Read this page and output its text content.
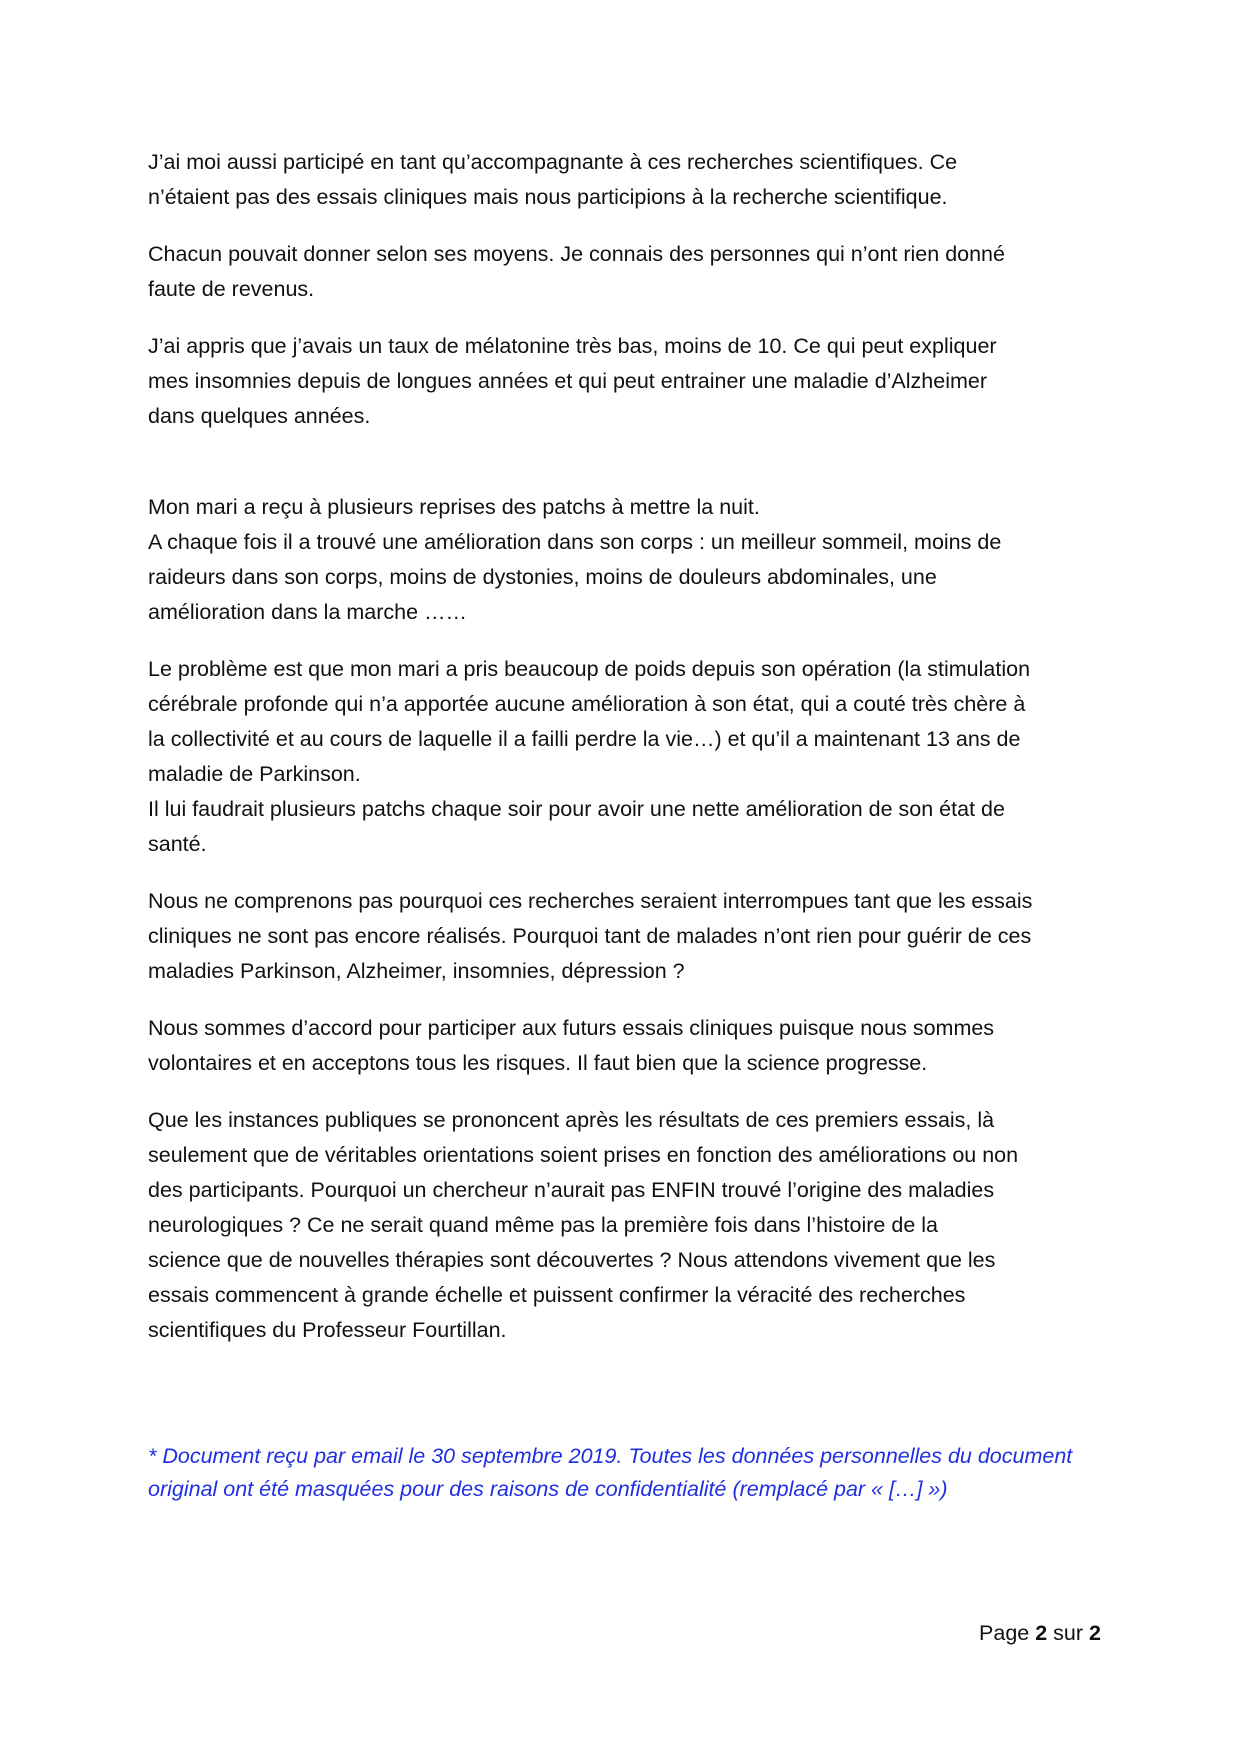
J’ai moi aussi participé en tant qu’accompagnante à ces recherches scientifiques. Ce
n’étaient pas des essais cliniques mais nous participions à la recherche scientifique.

Chacun pouvait donner selon ses moyens. Je connais des personnes qui n’ont rien donné
faute de revenus.

J’ai appris que j’avais un taux de mélatonine très bas, moins de 10. Ce qui peut expliquer
mes insomnies depuis de longues années et qui peut entrainer une maladie d’Alzheimer
dans quelques années.

Mon mari a reçu à plusieurs reprises des patchs à mettre la nuit.
A chaque fois il a trouvé une amélioration dans son corps : un meilleur sommeil, moins de
raideurs dans son corps, moins de dystonies, moins de douleurs abdominales, une
amélioration dans la marche ……

Le problème est que mon mari a pris beaucoup de poids depuis son opération (la stimulation
cérébrale profonde qui n’a apportée aucune amélioration à son état, qui a couté très chère à
la collectivité et au cours de laquelle il a failli perdre la vie…) et qu’il a maintenant 13 ans de
maladie de Parkinson.
Il lui faudrait plusieurs patchs chaque soir pour avoir une nette amélioration de son état de
santé.

Nous ne comprenons pas pourquoi ces recherches seraient interrompues tant que les essais
cliniques ne sont pas encore réalisés. Pourquoi tant de malades n’ont rien pour guérir de ces
maladies Parkinson, Alzheimer, insomnies, dépression ?

Nous sommes d’accord pour participer aux futurs essais cliniques puisque nous sommes
volontaires et en acceptons tous les risques. Il faut bien que la science progresse.

Que les instances publiques se prononcent après les résultats de ces premiers essais, là
seulement que de véritables orientations soient prises en fonction des améliorations ou non
des participants. Pourquoi un chercheur n’aurait pas ENFIN trouvé l’origine des maladies
neurologiques ? Ce ne serait quand même pas la première fois dans l’histoire de la
science que de nouvelles thérapies sont découvertes ? Nous attendons vivement que les
essais commencent à grande échelle et puissent confirmer la véracité des recherches
scientifiques du Professeur Fourtillan.

* Document reçu par email le 30 septembre 2019. Toutes les données personnelles du document
original ont été masquées pour des raisons de confidentialité (remplacé par « […] »)
Page 2 sur 2
